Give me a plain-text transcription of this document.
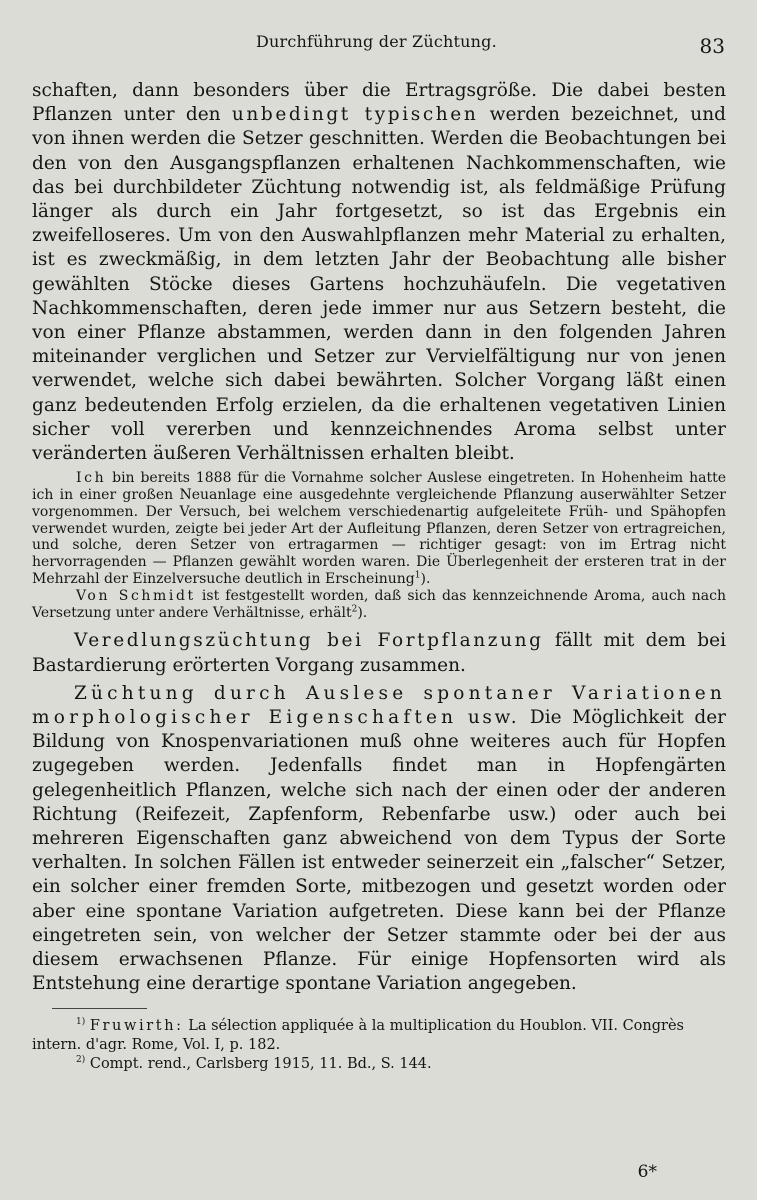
Durchführung der Züchtung.	83

schaften, dann besonders über die Ertragsgröße. Die dabei besten Pflanzen unter den unbedingt typischen werden bezeichnet, und von ihnen werden die Setzer geschnitten. Werden die Beobachtungen bei den von den Ausgangspflanzen erhaltenen Nachkommenschaften, wie das bei durchbildeter Züchtung notwendig ist, als feldmäßige Prüfung länger als durch ein Jahr fortgesetzt, so ist das Ergebnis ein zweifelloseres. Um von den Auswahlpflanzen mehr Material zu erhalten, ist es zweckmäßig, in dem letzten Jahr der Beobachtung alle bisher gewählten Stöcke dieses Gartens hochzuhäufeln. Die vegetativen Nachkommenschaften, deren jede immer nur aus Setzern besteht, die von einer Pflanze abstammen, werden dann in den folgenden Jahren miteinander verglichen und Setzer zur Vervielfältigung nur von jenen verwendet, welche sich dabei bewährten. Solcher Vorgang läßt einen ganz bedeutenden Erfolg erzielen, da die erhaltenen vegetativen Linien sicher voll vererben und kennzeichnendes Aroma selbst unter veränderten äußeren Verhältnissen erhalten bleibt.

Ich bin bereits 1888 für die Vornahme solcher Auslese eingetreten. In Hohenheim hatte ich in einer großen Neuanlage eine ausgedehnte vergleichende Pflanzung auserwählter Setzer vorgenommen. Der Versuch, bei welchem verschiedenartig aufgeleitete Früh- und Spähopfen verwendet wurden, zeigte bei jeder Art der Aufleitung Pflanzen, deren Setzer von ertragreichen, und solche, deren Setzer von ertragarmen — richtiger gesagt: von im Ertrag nicht hervorragenden — Pflanzen gewählt worden waren. Die Überlegenheit der ersteren trat in der Mehrzahl der Einzelversuche deutlich in Erscheinung$^1$).

Von Schmidt ist festgestellt worden, daß sich das kennzeichnende Aroma, auch nach Versetzung unter andere Verhältnisse, erhält$^2$).

Veredlungszüchtung bei Fortpflanzung fällt mit dem bei Bastardierung erörterten Vorgang zusammen.

Züchtung durch Auslese spontaner Variationen morphologischer Eigenschaften usw. Die Möglichkeit der Bildung von Knospenvariationen muß ohne weiteres auch für Hopfen zugegeben werden. Jedenfalls findet man in Hopfengärten gelegenheitlich Pflanzen, welche sich nach der einen oder der anderen Richtung (Reifezeit, Zapfenform, Rebenfarbe usw.) oder auch bei mehreren Eigenschaften ganz abweichend von dem Typus der Sorte verhalten. In solchen Fällen ist entweder seinerzeit ein „falscher“ Setzer, ein solcher einer fremden Sorte, mitbezogen und gesetzt worden oder aber eine spontane Variation aufgetreten. Diese kann bei der Pflanze eingetreten sein, von welcher der Setzer stammte oder bei der aus diesem erwachsenen Pflanze. Für einige Hopfensorten wird als Entstehung eine derartige spontane Variation angegeben.

$^{1)}$ Fruwirth: La sélection appliquée à la multiplication du Houblon. VII. Congrès intern. d'agr. Rome, Vol. I, p. 182.

$^{2)}$ Compt. rend., Carlsberg 1915, 11. Bd., S. 144.

6*
